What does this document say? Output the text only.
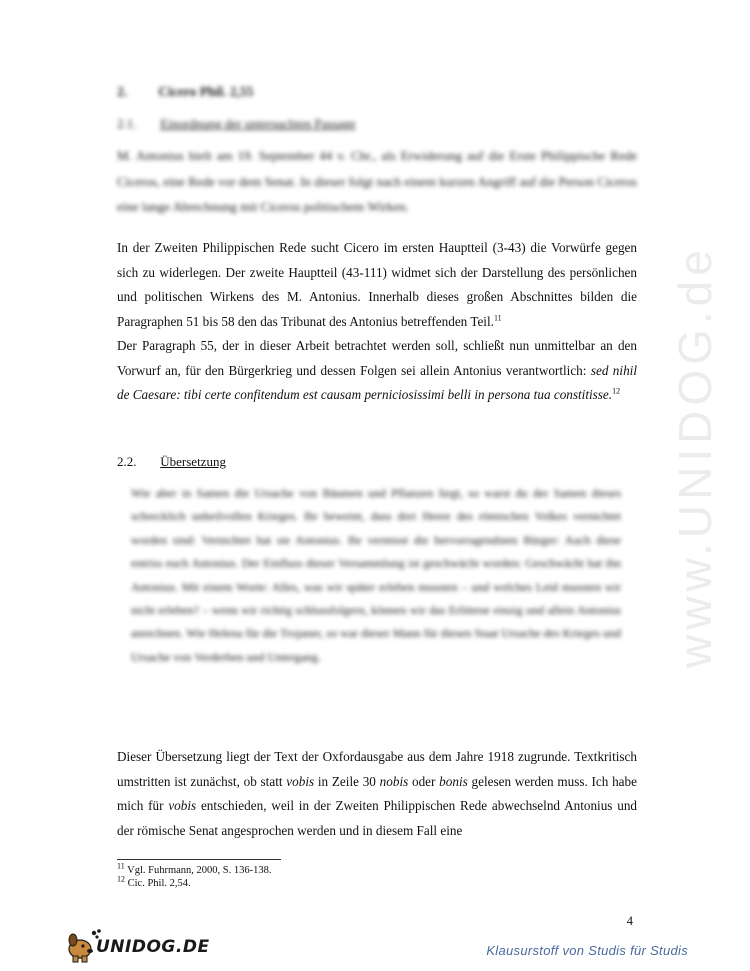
www.UNIDOG.de
2. Cicero Phil. 2,55
2.1. Einordnung der untersuchten Passage

M. Antonius hielt am 19. September 44 v. Chr., als Erwiderung auf die Erste Philippische Rede Ciceros, eine Rede vor dem Senat. In dieser folgt nach einem kurzen Angriff auf die Person Ciceros eine lange Abrechnung mit Ciceros politischem Wirken.

In der Zweiten Philippischen Rede sucht Cicero im ersten Hauptteil (3-43) die Vorwürfe gegen sich zu widerlegen. Der zweite Hauptteil (43-111) widmet sich der Darstellung des persönlichen und politischen Wirkens des M. Antonius. Innerhalb dieses großen Abschnittes bilden die Paragraphen 51 bis 58 den das Tribunat des Antonius betreffenden Teil.$^{11}$

Der Paragraph 55, der in dieser Arbeit betrachtet werden soll, schließt nun unmittelbar an den Vorwurf an, für den Bürgerkrieg und dessen Folgen sei allein Antonius verantwortlich: sed nihil de Caesare: tibi certe confitendum est causam perniciosissimi belli in persona tua constitisse.$^{12}$

2.2. Übersetzung

Wie aber in Samen die Ursache von Bäumen und Pflanzen liegt, so warst du der Samen dieses schrecklich unheilvollen Krieges. Ihr beweint, dass drei Heere des römischen Volkes vernichtet worden sind: Vernichtet hat sie Antonius. Ihr vermisst die hervorragendsten Bürger: Auch diese entriss euch Antonius. Der Einfluss dieser Versammlung ist geschwächt worden: Geschwächt hat ihn Antonius. Mit einem Worte: Alles, was wir später erleben mussten – und welches Leid mussten wir nicht erleben? – wenn wir richtig schlussfolgern, können wir das Erlittene einzig und allein Antonius anrechnen. Wie Helena für die Trojaner, so war dieser Mann für diesen Staat Ursache des Krieges und Ursache von Verderben und Untergang.

Dieser Übersetzung liegt der Text der Oxfordausgabe aus dem Jahre 1918 zugrunde. Textkritisch umstritten ist zunächst, ob statt vobis in Zeile 30 nobis oder bonis gelesen werden muss. Ich habe mich für vobis entschieden, weil in der Zweiten Philippischen Rede abwechselnd Antonius und der römische Senat angesprochen werden und in diesem Fall eine

$^{11}$ Vgl. Fuhrmann, 2000, S. 136-138.
$^{12}$ Cic. Phil. 2,54.
4
UNIDOG.DE	Klausurstoff von Studis für Studis
